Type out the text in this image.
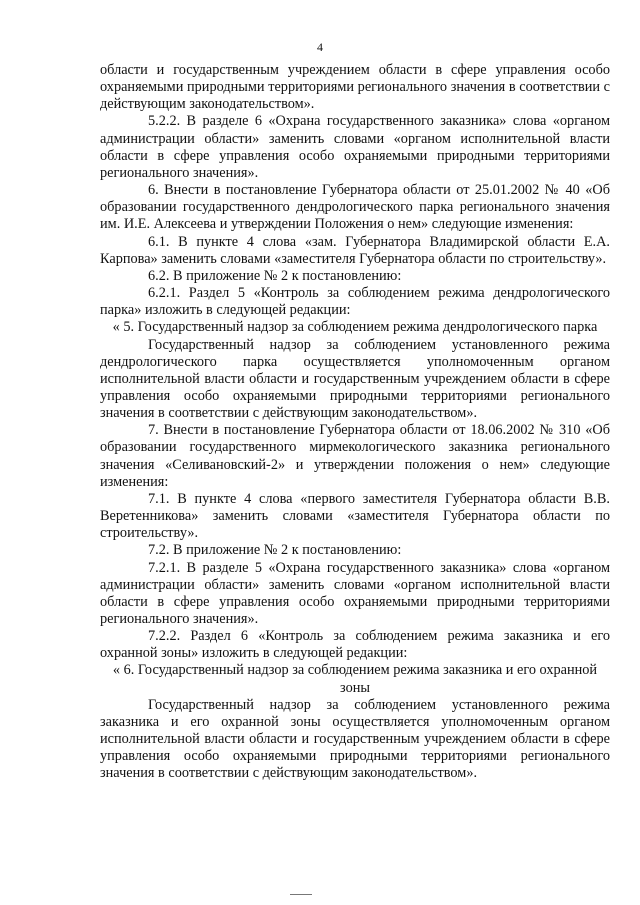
4

области и государственным учреждением области в сфере управления особо охраняемыми природными территориями регионального значения в соответствии с действующим законодательством».

5.2.2. В разделе 6 «Охрана государственного заказника» слова «органом администрации области» заменить словами «органом исполнительной власти области в сфере управления особо охраняемыми природными территориями регионального значения».

6. Внести в постановление Губернатора области от 25.01.2002 № 40 «Об образовании государственного дендрологического парка регионального значения им. И.Е. Алексеева и утверждении Положения о нем» следующие изменения:

6.1. В пункте 4 слова «зам. Губернатора Владимирской области Е.А. Карпова» заменить словами «заместителя Губернатора области по строительству».

6.2. В приложение № 2 к постановлению:

6.2.1. Раздел 5 «Контроль за соблюдением режима дендрологического парка» изложить в следующей редакции:

« 5. Государственный надзор за соблюдением режима дендрологического парка

Государственный надзор за соблюдением установленного режима дендрологического парка осуществляется уполномоченным органом исполнительной власти области и государственным учреждением области в сфере управления особо охраняемыми природными территориями регионального значения в соответствии с действующим законодательством».

7. Внести в постановление Губернатора области от 18.06.2002 № 310 «Об образовании государственного мирмекологического заказника регионального значения «Селивановский-2» и утверждении положения о нем» следующие изменения:

7.1. В пункте 4 слова «первого заместителя Губернатора области В.В. Веретенникова» заменить словами «заместителя Губернатора области по строительству».

7.2. В приложение № 2 к постановлению:

7.2.1. В разделе 5 «Охрана государственного заказника» слова «органом администрации области» заменить словами «органом исполнительной власти области в сфере управления особо охраняемыми природными территориями регионального значения».

7.2.2. Раздел 6 «Контроль за соблюдением режима заказника и его охранной зоны» изложить в следующей редакции:

« 6. Государственный надзор за соблюдением режима заказника и его охранной зоны

Государственный надзор за соблюдением установленного режима заказника и его охранной зоны осуществляется уполномоченным органом исполнительной власти области и государственным учреждением области в сфере управления особо охраняемыми природными территориями регионального значения в соответствии с действующим законодательством».
